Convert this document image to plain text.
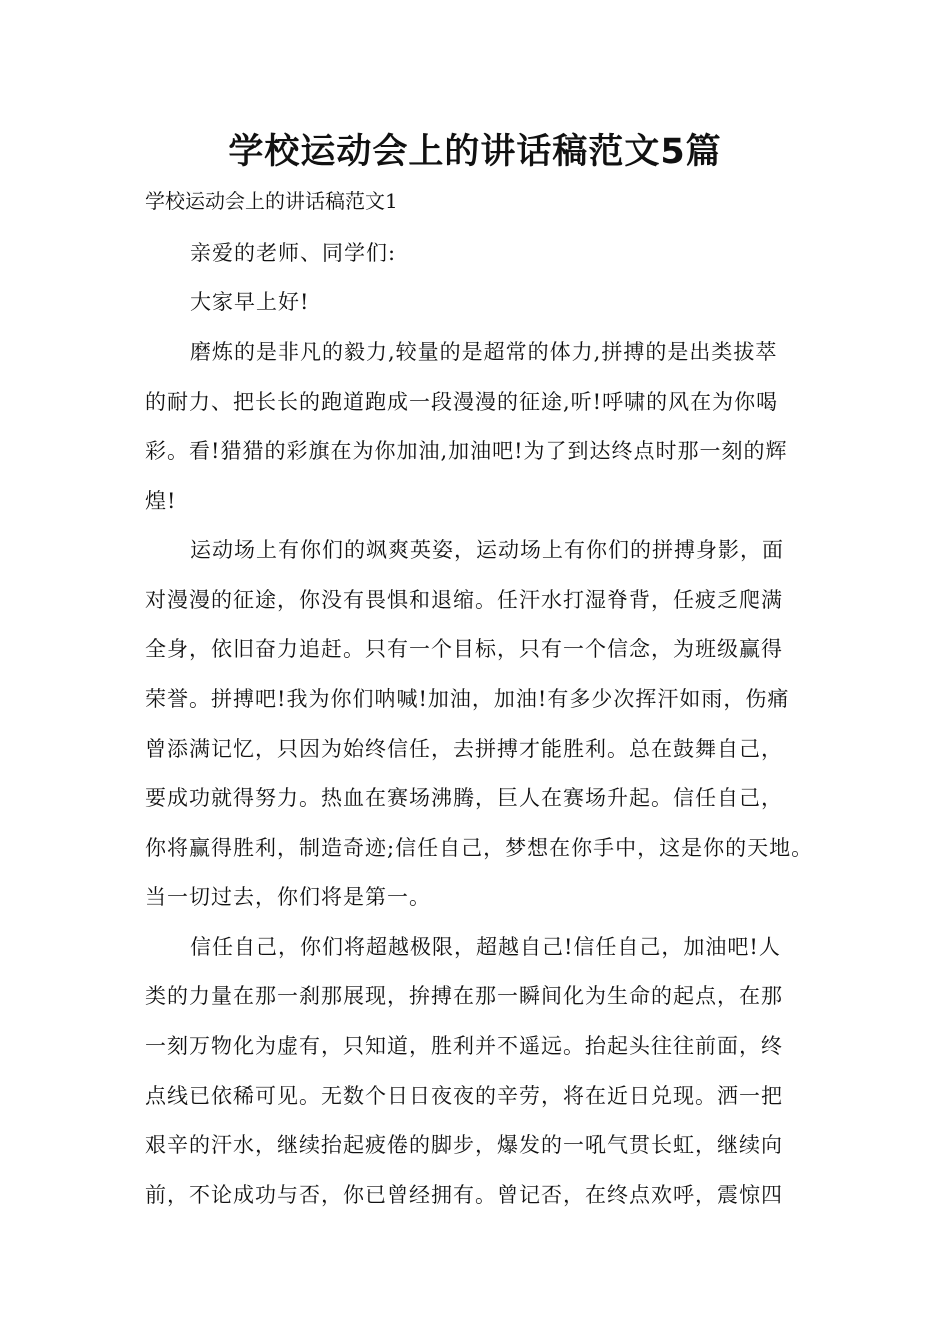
学校运动会上的讲话稿范文5篇
学校运动会上的讲话稿范文1
亲爱的老师、同学们:
大家早上好!
磨炼的是非凡的毅力,较量的是超常的体力,拼搏的是出类拔萃
的耐力、把长长的跑道跑成一段漫漫的征途,听!呼啸的风在为你喝
彩。看!猎猎的彩旗在为你加油,加油吧!为了到达终点时那一刻的辉
煌!
运动场上有你们的飒爽英姿，运动场上有你们的拼搏身影，面
对漫漫的征途，你没有畏惧和退缩。任汗水打湿脊背，任疲乏爬满
全身，依旧奋力追赶。只有一个目标，只有一个信念，为班级赢得
荣誉。拼搏吧!我为你们呐喊!加油，加油!有多少次挥汗如雨，伤痛
曾添满记忆，只因为始终信任，去拼搏才能胜利。总在鼓舞自己，
要成功就得努力。热血在赛场沸腾，巨人在赛场升起。信任自己，
你将赢得胜利，制造奇迹;信任自己，梦想在你手中，这是你的天地。
当一切过去，你们将是第一。
信任自己，你们将超越极限，超越自己!信任自己，加油吧!人
类的力量在那一刹那展现，拚搏在那一瞬间化为生命的起点，在那
一刻万物化为虚有，只知道，胜利并不遥远。抬起头往往前面，终
点线已依稀可见。无数个日日夜夜的辛劳，将在近日兑现。洒一把
艰辛的汗水，继续抬起疲倦的脚步，爆发的一吼气贯长虹，继续向
前，不论成功与否，你已曾经拥有。曾记否，在终点欢呼，震惊四
